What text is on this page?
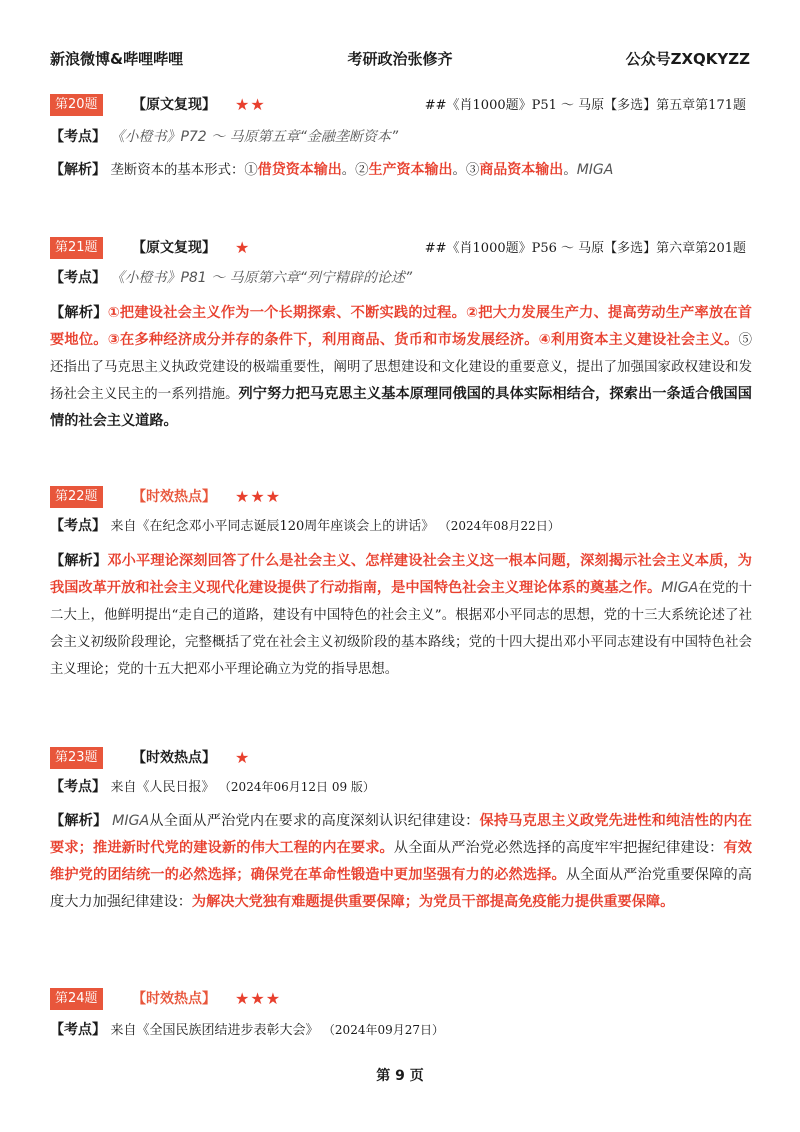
新浪微博&哔哩哔哩	考研政治张修齐	公众号ZXQKYZZ
第20题	【原文复现】 ★★	##《肖1000题》P51 ～ 马原【多选】第五章第171题
【考点】 《小橙书》P72 ～ 马原第五章“金融垄断资本”
【解析】 垄断资本的基本形式：①借贷资本输出。②生产资本输出。③商品资本输出。MIGA
第21题	【原文复现】 ★	##《肖1000题》P56 ～ 马原【多选】第六章第201题
【考点】 《小橙书》P81 ～ 马原第六章“列宁精辟的论述”
【解析】①把建设社会主义作为一个长期探索、不断实践的过程。②把大力发展生产力、提高劳动生产率放在首要地位。③在多种经济成分并存的条件下，利用商品、货币和市场发展经济。④利用资本主义建设社会主义。⑤还指出了马克思主义执政党建设的极端重要性，阐明了思想建设和文化建设的重要意义，提出了加强国家政权建设和发扬社会主义民主的一系列措施。列宁努力把马克思主义基本原理同俄国的具体实际相结合，探索出一条适合俄国国情的社会主义道路。
第22题	【时效热点】 ★★★
【考点】 来自《在纪念邓小平同志诞辰120周年座谈会上的讲话》 （2024年08月22日）
【解析】邓小平理论深刻回答了什么是社会主义、怎样建设社会主义这一根本问题，深刻揭示社会主义本质，为我国改革开放和社会主义现代化建设提供了行动指南，是中国特色社会主义理论体系的奠基之作。MIGA在党的十二大上，他鲜明提出“走自己的道路，建设有中国特色的社会主义”。根据邓小平同志的思想，党的十三大系统论述了社会主义初级阶段理论，完整概括了党在社会主义初级阶段的基本路线；党的十四大提出邓小平同志建设有中国特色社会主义理论；党的十五大把邓小平理论确立为党的指导思想。
第23题	【时效热点】 ★
【考点】 来自《人民日报》 （2024年06月12日 09 版）
【解析】 MIGA从全面从严治党内在要求的高度深刻认识纪律建设：保持马克思主义政党先进性和纯洁性的内在要求；推进新时代党的建设新的伟大工程的内在要求。从全面从严治党必然选择的高度牢牢把握纪律建设：有效维护党的团结统一的必然选择；确保党在革命性锻造中更加坚强有力的必然选择。从全面从严治党重要保障的高度大力加强纪律建设：为解决大党独有难题提供重要保障；为党员干部提高免疫能力提供重要保障。
第24题	【时效热点】 ★★★
【考点】 来自《全国民族团结进步表彰大会》 （2024年09月27日）
第 9 页
